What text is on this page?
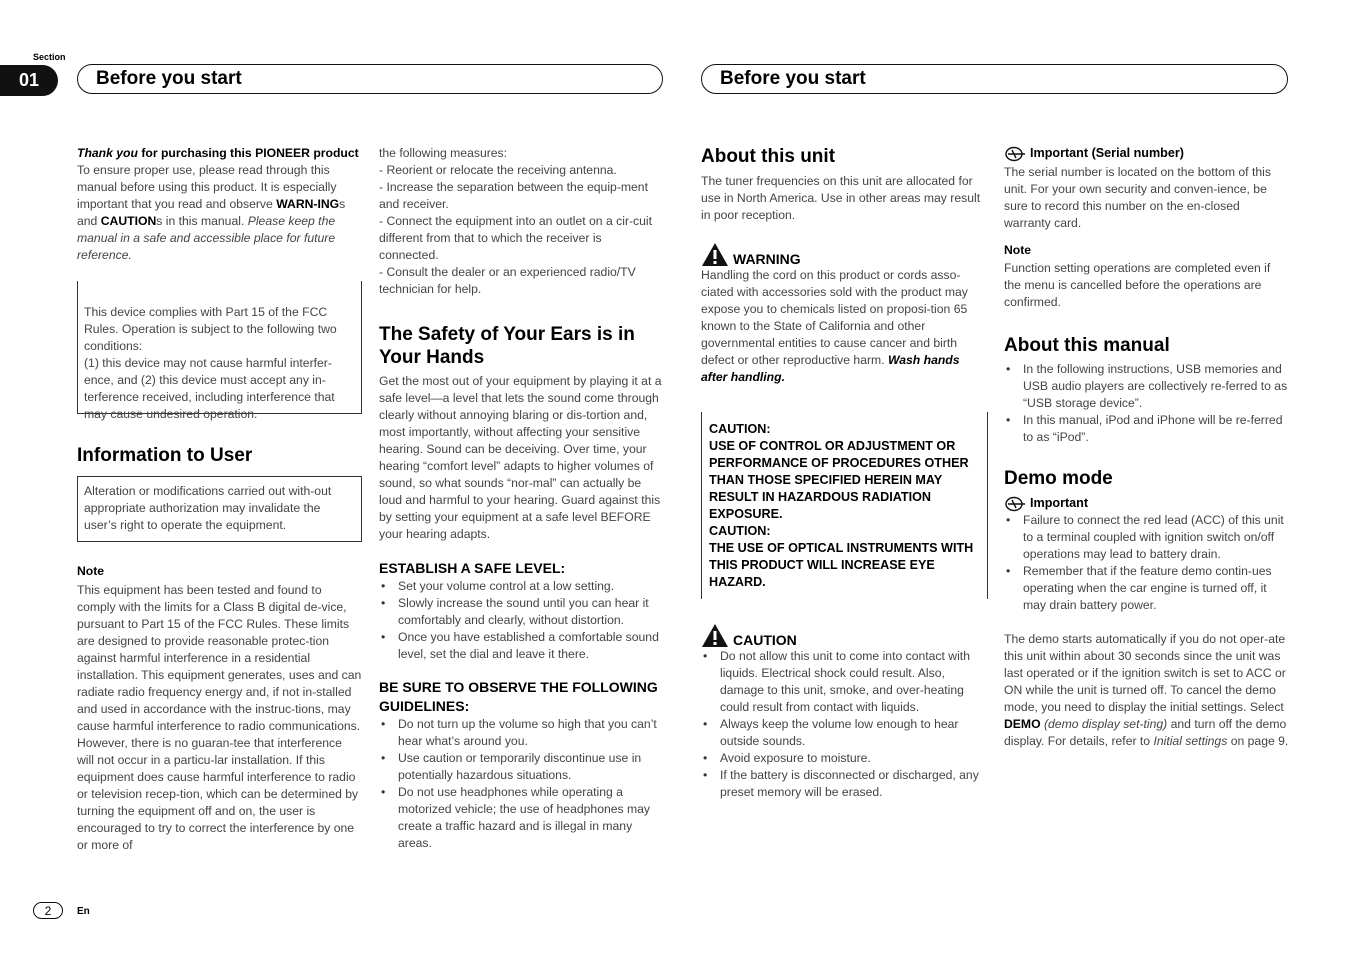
Section
01	Before you start	Before you start

Thank you for purchasing this PIONEER product

To ensure proper use, please read through this manual before using this product. It is especially important that you read and observe WARN-INGs and CAUTIONs in this manual. Please keep the manual in a safe and accessible place for future reference.

This device complies with Part 15 of the FCC Rules. Operation is subject to the following two conditions:
(1) this device may not cause harmful interfer-ence, and (2) this device must accept any in-terference received, including interference that may cause undesired operation.
Information to User
Alteration or modifications carried out with-out appropriate authorization may invalidate the user’s right to operate the equipment.

Note

This equipment has been tested and found to comply with the limits for a Class B digital de-vice, pursuant to Part 15 of the FCC Rules. These limits are designed to provide reasonable protec-tion against harmful interference in a residential installation. This equipment generates, uses and can radiate radio frequency energy and, if not in-stalled and used in accordance with the instruc-tions, may cause harmful interference to radio communications. However, there is no guaran-tee that interference will not occur in a particu-lar installation. If this equipment does cause harmful interference to radio or television recep-tion, which can be determined by turning the equipment off and on, the user is encouraged to try to correct the interference by one or more of

the following measures:
- Reorient or relocate the receiving antenna.
- Increase the separation between the equip-ment and receiver.
- Connect the equipment into an outlet on a cir-cuit different from that to which the receiver is connected.
- Consult the dealer or an experienced radio/TV technician for help.

The Safety of Your Ears is in Your Hands

Get the most out of your equipment by playing it at a safe level—a level that lets the sound come through clearly without annoying blaring or dis-tortion and, most importantly, without affecting your sensitive hearing. Sound can be deceiving. Over time, your hearing “comfort level” adapts to higher volumes of sound, so what sounds “nor-mal” can actually be loud and harmful to your hearing. Guard against this by setting your equipment at a safe level BEFORE your hearing adapts.

ESTABLISH A SAFE LEVEL:
• Set your volume control at a low setting.
• Slowly increase the sound until you can hear it comfortably and clearly, without distortion.
• Once you have established a comfortable sound level, set the dial and leave it there.
BE SURE TO OBSERVE THE FOLLOWING GUIDELINES:
• Do not turn up the volume so high that you can’t hear what’s around you.
• Use caution or temporarily discontinue use in potentially hazardous situations.
• Do not use headphones while operating a motorized vehicle; the use of headphones may create a traffic hazard and is illegal in many areas.
About this unit

The tuner frequencies on this unit are allocated for use in North America. Use in other areas may result in poor reception.

WARNING

Handling the cord on this product or cords asso-ciated with accessories sold with the product may expose you to chemicals listed on proposi-tion 65 known to the State of California and other governmental entities to cause cancer and birth defect or other reproductive harm. Wash hands after handling.

CAUTION:
USE OF CONTROL OR ADJUSTMENT OR PERFORMANCE OF PROCEDURES OTHER THAN THOSE SPECIFIED HEREIN MAY RESULT IN HAZARDOUS RADIATION EXPOSURE.
CAUTION:
THE USE OF OPTICAL INSTRUMENTS WITH THIS PRODUCT WILL INCREASE EYE HAZARD.
CAUTION
• Do not allow this unit to come into contact with liquids. Electrical shock could result. Also, damage to this unit, smoke, and over-heating could result from contact with liquids.
• Always keep the volume low enough to hear outside sounds.
• Avoid exposure to moisture.
• If the battery is disconnected or discharged, any preset memory will be erased.
Important (Serial number)

The serial number is located on the bottom of this unit. For your own security and conven-ience, be sure to record this number on the en-closed warranty card.

Note

Function setting operations are completed even if the menu is cancelled before the operations are confirmed.

About this manual
• In the following instructions, USB memories and USB audio players are collectively re-ferred to as “USB storage device”.
• In this manual, iPod and iPhone will be re-ferred to as “iPod”.
Demo mode
Important
• Failure to connect the red lead (ACC) of this unit to a terminal coupled with ignition switch on/off operations may lead to battery drain.
• Remember that if the feature demo contin-ues operating when the car engine is turned off, it may drain battery power.

The demo starts automatically if you do not oper-ate this unit within about 30 seconds since the unit was last operated or if the ignition switch is set to ACC or ON while the unit is turned off. To cancel the demo mode, you need to display the initial settings. Select DEMO (demo display set-ting) and turn off the demo display. For details, refer to Initial settings on page 9.

2	En
